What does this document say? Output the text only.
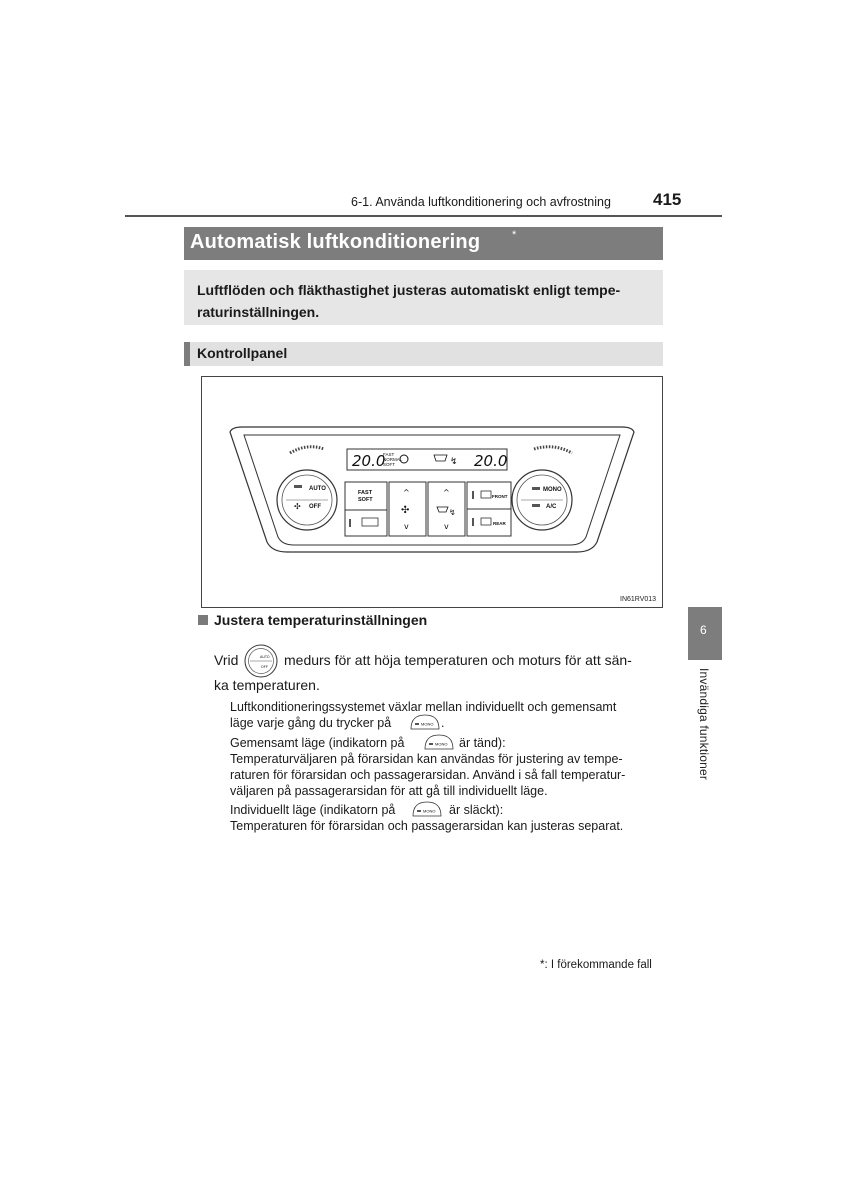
6-1. Använda luftkonditionering och avfrostning 415
Automatisk luftkonditionering	*
Luftflöden och fläkthastighet justeras automatiskt enligt tempe-raturinställningen.
Kontrollpanel
20.0
FAST
NORMAL
SOFT	↯ 20.0
AUTO
OFF
✣
MONO
A/C
FAST
SOFT
^
✣
v
^
↯
v
FRONT
REAR
IN61RV013
Justera temperaturinställningen
Vrid	AUTO
OFF medurs för att höja temperaturen och moturs för att sän-
ka temperaturen.
Luftkonditioneringssystemet växlar mellan individuellt och gemensamt
läge varje gång du trycker på	MONO .
Gemensamt läge (indikatorn på	MONO är tänd):
Temperaturväljaren på förarsidan kan användas för justering av tempe-
raturen för förarsidan och passagerarsidan. Använd i så fall temperatur-
väljaren på passagerarsidan för att gå till individuellt läge.
Individuellt läge (indikatorn på	MONO är släckt):
Temperaturen för förarsidan och passagerarsidan kan justeras separat.
6
Invändiga funktioner
*: I förekommande fall
